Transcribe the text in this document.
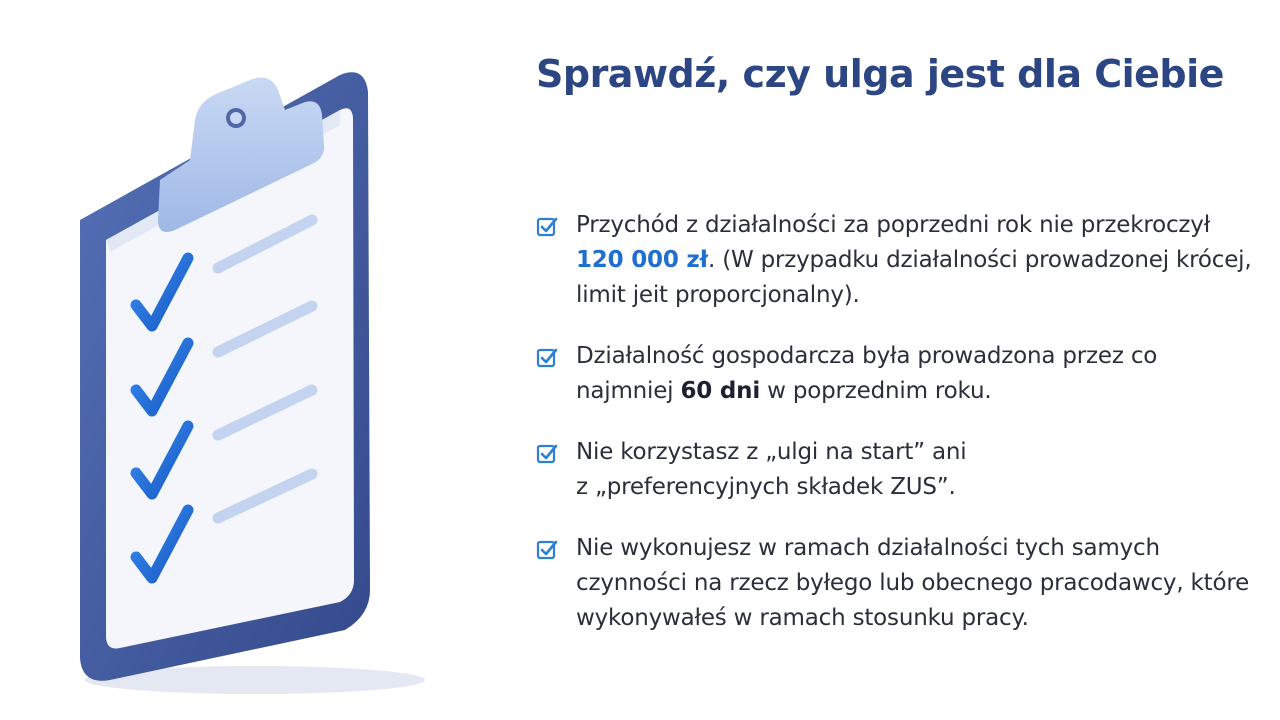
Sprawdź, czy ulga jest dla Ciebie
Przychód z działalności za poprzedni rok nie przekroczył 120 000 zł. (W przypadku działalności prowadzonej krócej, limit jeit proporcjonalny).
Działalność gospodarcza była prowadzona przez co najmniej 60 dni w poprzednim roku.
Nie korzystasz z „ulgi na start” ani
z „preferencyjnych składek ZUS”.
Nie wykonujesz w ramach działalności tych samych czynności na rzecz byłego lub obecnego pracodawcy, które wykonywałeś w ramach stosunku pracy.
